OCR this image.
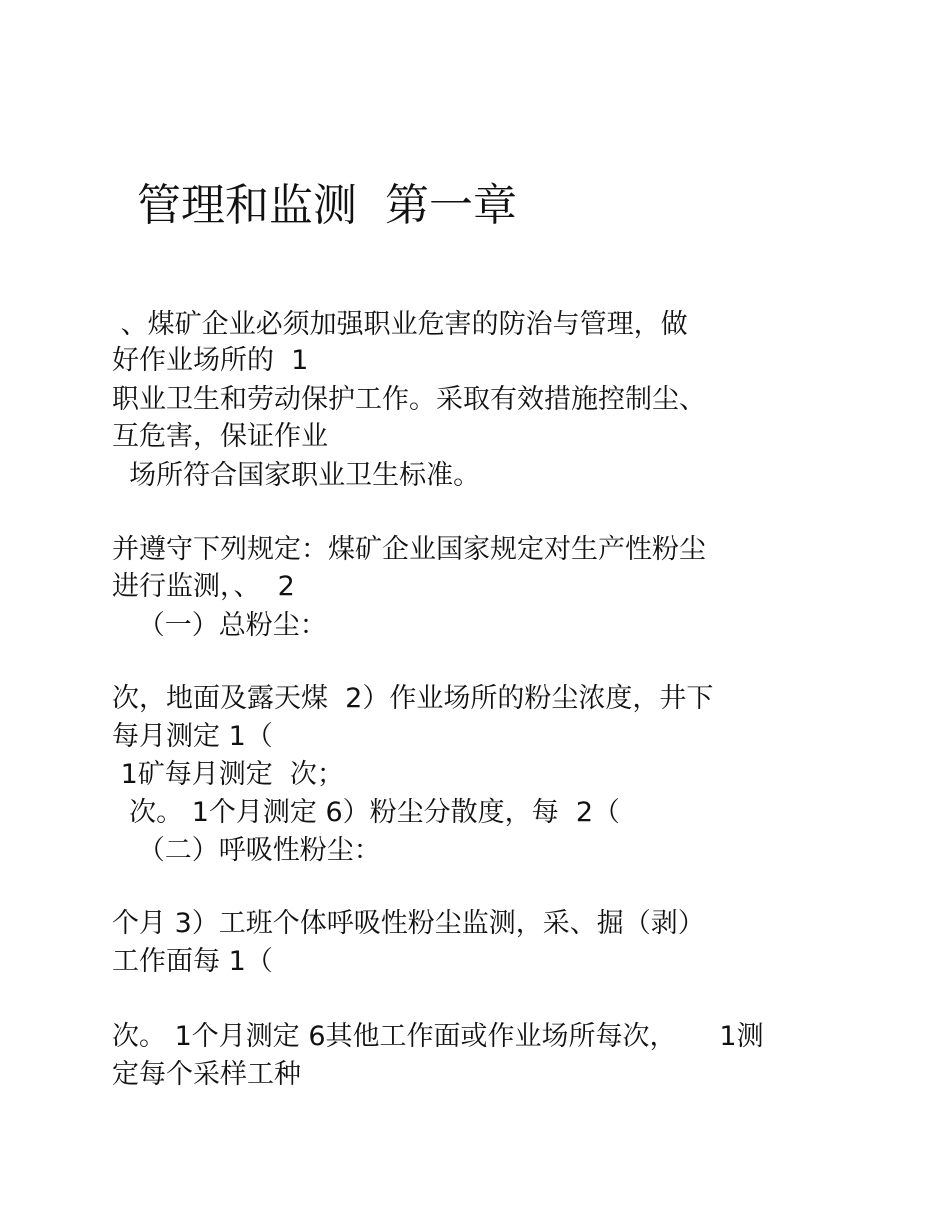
管理和监测  第一章

、煤矿企业必须加强职业危害的防治与管理，做

好作业场所的  1

职业卫生和劳动保护工作。采取有效措施控制尘、

互危害，保证作业

场所符合国家职业卫生标准。

并遵守下列规定：煤矿企业国家规定对生产性粉尘

进行监测，、  2

（一）总粉尘：

次，地面及露天煤  2）作业场所的粉尘浓度，井下

每月测定 1（

1矿每月测定  次；

次。 1个月测定 6）粉尘分散度，每  2（

（二）呼吸性粉尘：

个月 3）工班个体呼吸性粉尘监测，采、掘（剥）

工作面每 1（

次。 1个月测定 6其他工作面或作业场所每次，     1测

定每个采样工种
